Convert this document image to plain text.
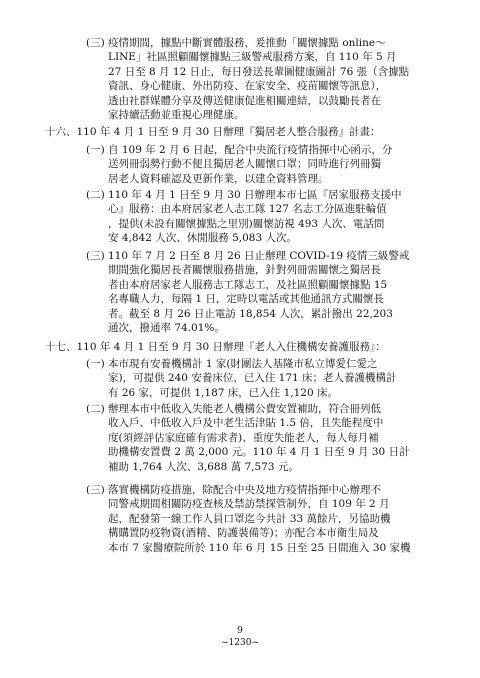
(三) 疫情期間，據點中斷實體服務，爰推動「關懷據點 online～
LINE」社區照顧關懷據點三級警戒服務方案，自 110 年 5 月
27 日至 8 月 12 日止，每日發送長輩圖健康圖計 76 張（含據點
資訊、身心健康、外出防疫、在家安全、疫苗關懷等訊息），
透由社群媒體分享及傳送健康促進相關連結，以鼓勵長者在
家持續活動並重視心理健康。
十六、110 年 4 月 1 日至 9 月 30 日辦理『獨居老人整合服務』計畫：
(一) 自 109 年 2 月 6 日起，配合中央流行疫情指揮中心函示，分
送列冊弱勢行動不便且獨居老人關懷口罩；同時進行列冊獨
居老人資料確認及更新作業，以建全資料管理。
(二) 110 年 4 月 1 日至 9 月 30 日辦理本市七區『居家服務支援中
心』服務：由本府居家老人志工隊 127 名志工分區進駐輪值
，提供(未設有關懷據點之里別)關懷訪視 493 人次、電話問
安 4,842 人次、休閒服務 5,083 人次。
(三) 110 年 7 月 2 日至 8 月 26 日止辦理 COVID-19 疫情三級警戒
期間強化獨居長者關懷服務措施，針對列冊需關懷之獨居長
者由本府居家老人服務志工隊志工，及社區照顧關懷據點 15
名專職人力，每隔 1 日，定時以電話或其他通訊方式關懷長
者。截至 8 月 26 日止電訪 18,854 人次，累計撥出 22,203
通次，撥通率 74.01%。
十七、110 年 4 月 1 日至 9 月 30 日辦理『老人入住機構安養護服務』：
(一) 本市現有安養機構計 1 家(財團法人基隆市私立博愛仁愛之
家)，可提供 240 安養床位，已入住 171 床；老人養護機構計
有 26 家，可提供 1,187 床，已入住 1,120 床。
(二) 辦理本市中低收入失能老人機構公費安置補助，符合冊列低
收入戶、中低收入戶及中老生活津貼 1.5 倍，且失能程度中
度(須經評估家庭確有需求者)、重度失能老人，每人每月補
助機構安置費 2 萬 2,000 元。110 年 4 月 1 日至 9 月 30 日計
補助 1,764 人次、3,688 萬 7,573 元。
(三) 落實機構防疫措施，除配合中央及地方疫情指揮中心辦理不
同警戒期間相關防疫查核及禁訪禁探管制外，自 109 年 2 月
起，配發第一線工作人員口罩迄今共計 33 萬餘片，另協助機
構購置防疫物資(酒精、防護裝備等)；亦配合本市衛生局及
本市 7 家醫療院所於 110 年 6 月 15 日至 25 日間進入 30 家機
9
~1230~
